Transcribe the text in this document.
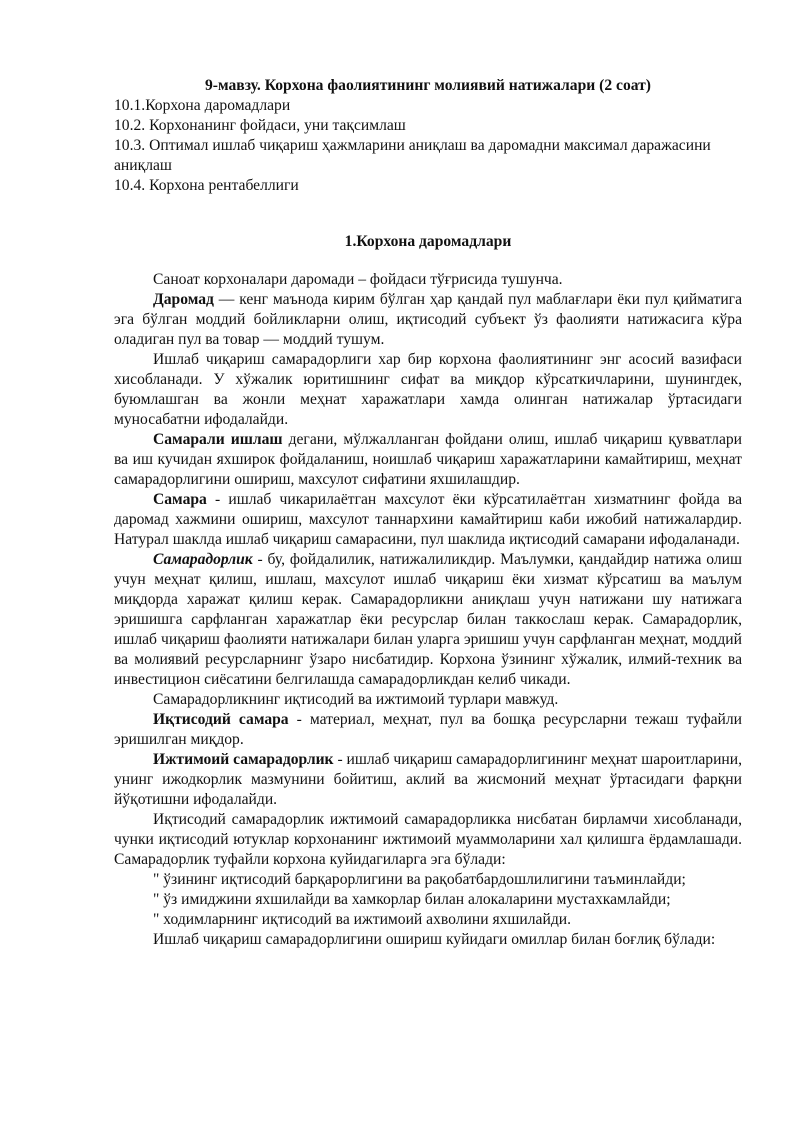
9-мавзу. Корхона фаолиятининг молиявий натижалари (2 соат)

10.1.Корхона даромадлари

10.2. Корхонанинг фойдаси, уни тақсимлаш

10.3. Оптимал ишлаб чиқариш ҳажмларини аниқлаш ва даромадни максимал даражасини аниқлаш

10.4. Корхона рентабеллиги

1.Корхона даромадлари

Саноат корхоналари даромади – фойдаси тўғрисида тушунча.

Даромад — кенг маънода кирим бўлган ҳар қандай пул маблағлари ёки пул қийматига эга бўлган моддий бойликларни олиш, иқтисодий субъект ўз фаолияти натижасига кўра оладиган пул ва товар — моддий тушум.

Ишлаб чиқариш самарадорлиги хар бир корхона фаолиятининг энг асосий вазифаси хисобланади. У хўжалик юритишнинг сифат ва миқдор кўрсаткичларини, шунингдек, буюмлашган ва жонли меҳнат харажатлари хамда олинган натижалар ўртасидаги муносабатни ифодалайди.

Самарали ишлаш дегани, мўлжалланган фойдани олиш, ишлаб чиқариш қувватлари ва иш кучидан яхширок фойдаланиш, ноишлаб чиқариш харажатларини камайтириш, меҳнат самарадорлигини ошириш, махсулот сифатини яхшилашдир.

Самара - ишлаб чикарилаётган махсулот ёки кўрсатилаётган хизматнинг фойда ва даромад хажмини ошириш, махсулот таннархини камайтириш каби ижобий натижалардир. Натурал шаклда ишлаб чиқариш самарасини, пул шаклида иқтисодий самарани ифодаланади.

Самарадорлик - бу, фойдалилик, натижалиликдир. Маълумки, қандайдир натижа олиш учун меҳнат қилиш, ишлаш, махсулот ишлаб чиқариш ёки хизмат кўрсатиш ва маълум миқдорда харажат қилиш керак. Самарадорликни аниқлаш учун натижани шу натижага эришишга сарфланган харажатлар ёки ресурслар билан таккослаш керак. Самарадорлик, ишлаб чиқариш фаолияти натижалари билан уларга эришиш учун сарфланган меҳнат, моддий ва молиявий ресурсларнинг ўзаро нисбатидир. Корхона ўзининг хўжалик, илмий-техник ва инвестицион сиёсатини белгилашда самарадорликдан келиб чикади.

Самарадорликнинг иқтисодий ва ижтимоий турлари мавжуд.

Иқтисодий самара - материал, меҳнат, пул ва бошқа ресурсларни тежаш туфайли эришилган миқдор.

Ижтимоий самарадорлик - ишлаб чиқариш самарадорлигининг меҳнат шароитларини, унинг ижодкорлик мазмунини бойитиш, аклий ва жисмоний меҳнат ўртасидаги фарқни йўқотишни ифодалайди.

Иқтисодий самарадорлик ижтимоий самарадорликка нисбатан бирламчи хисобланади, чунки иқтисодий ютуклар корхонанинг ижтимоий муаммоларини хал қилишга ёрдамлашади. Самарадорлик туфайли корхона куйидагиларга эга бўлади:

" ўзининг иқтисодий барқарорлигини ва рақобатбардошлилигини таъминлайди;

" ўз имиджини яхшилайди ва хамкорлар билан алокаларини мустахкамлайди;

" ходимларнинг иқтисодий ва ижтимоий ахволини яхшилайди.

Ишлаб чиқариш самарадорлигини ошириш куйидаги омиллар билан боғлиқ бўлади:
